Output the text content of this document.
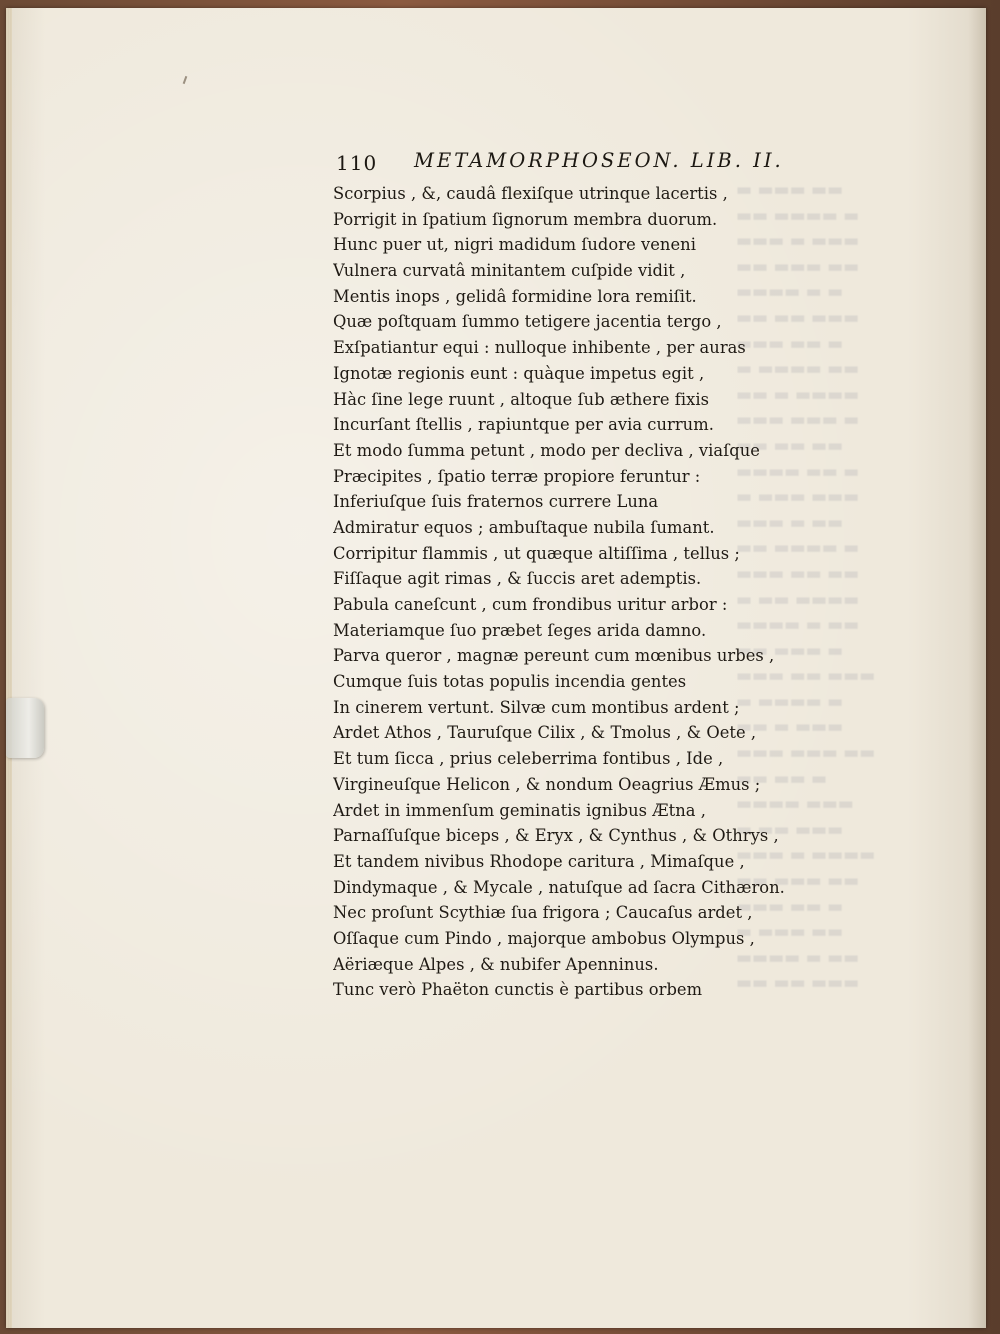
▬ ▬▬▬ ▬▬
▬▬ ▬▬▬▬ ▬
▬▬▬ ▬ ▬▬▬
▬▬ ▬▬▬ ▬▬
▬▬▬▬ ▬ ▬
▬▬ ▬▬ ▬▬▬
▬▬▬ ▬▬ ▬
▬ ▬▬▬▬ ▬▬
▬▬ ▬ ▬▬▬▬
▬▬▬ ▬▬▬ ▬
▬▬ ▬▬ ▬▬
▬▬▬▬ ▬▬ ▬
▬ ▬▬▬ ▬▬▬
▬▬▬ ▬ ▬▬
▬▬ ▬▬▬▬ ▬
▬▬▬ ▬▬ ▬▬
▬ ▬▬ ▬▬▬▬
▬▬▬▬ ▬ ▬▬
▬▬ ▬▬▬ ▬
▬▬▬ ▬▬ ▬▬▬
▬ ▬▬▬▬ ▬
▬▬ ▬ ▬▬▬
▬▬▬ ▬▬▬ ▬▬
▬▬ ▬▬ ▬
▬▬▬▬ ▬▬▬
▬ ▬▬ ▬▬▬
▬▬▬ ▬ ▬▬▬▬
▬▬ ▬▬▬ ▬▬
▬▬▬ ▬▬ ▬
▬ ▬▬▬ ▬▬
▬▬▬▬ ▬ ▬▬
▬▬ ▬▬ ▬▬▬
110 METAMORPHOSEON. LIB. II.
Scorpius , &, caudâ flexiſque utrinque lacertis ,
Porrigit in ſpatium ſignorum membra duorum.
Hunc puer ut, nigri madidum ſudore veneni
Vulnera curvatâ minitantem cuſpide vidit ,
Mentis inops , gelidâ formidine lora remiſit.
Quæ poſtquam ſummo tetigere jacentia tergo ,
Exſpatiantur equi : nulloque inhibente , per auras
Ignotæ regionis eunt : quàque impetus egit ,
Hàc ſine lege ruunt , altoque ſub æthere fixis
Incurſant ſtellis , rapiuntque per avia currum.
Et modo ſumma petunt , modo per decliva , viaſque
Præcipites , ſpatio terræ propiore feruntur :
Inferiuſque ſuis fraternos currere Luna
Admiratur equos ; ambuſtaque nubila ſumant.
Corripitur flammis , ut quæque altiſſima , tellus ;
Fiſſaque agit rimas , & ſuccis aret ademptis.
Pabula caneſcunt , cum frondibus uritur arbor :
Materiamque ſuo præbet ſeges arida damno.
Parva queror , magnæ pereunt cum mœnibus urbes ,
Cumque ſuis totas populis incendia gentes
In cinerem vertunt. Silvæ cum montibus ardent ;
Ardet Athos , Tauruſque Cilix , & Tmolus , & Oete ,
Et tum ſicca , prius celeberrima fontibus , Ide ,
Virgineuſque Helicon , & nondum Oeagrius Æmus ;
Ardet in immenſum geminatis ignibus Ætna ,
Parnaſſuſque biceps , & Eryx , & Cynthus , & Othrys ,
Et tandem nivibus Rhodope caritura , Mimaſque ,
Dindymaque , & Mycale , natuſque ad ſacra Cithæron.
Nec proſunt Scythiæ ſua frigora ; Caucaſus ardet ,
Oſſaque cum Pindo , majorque ambobus Olympus ,
Aëriæque Alpes , & nubifer Apenninus.
Tunc verò Phaëton cunctis è partibus orbem
